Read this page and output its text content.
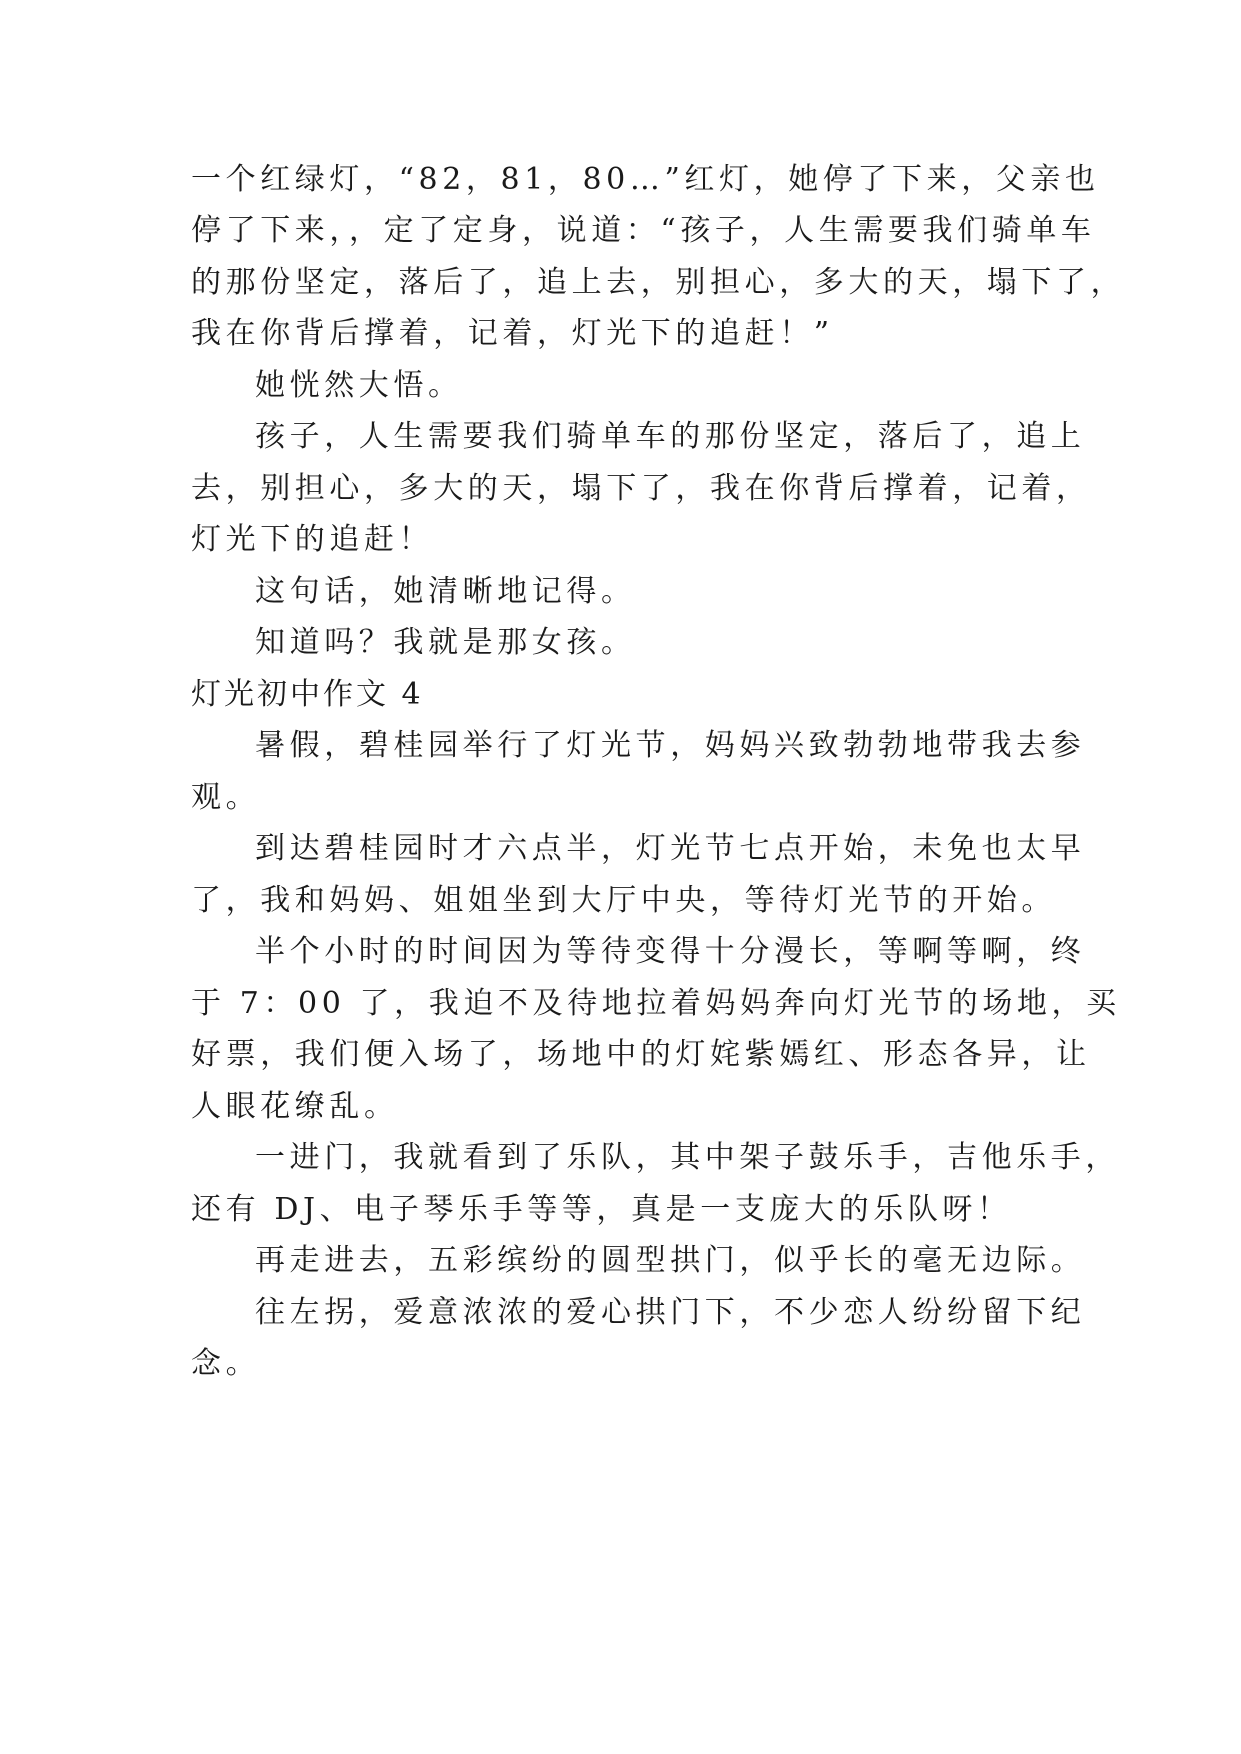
一个红绿灯，“82，81，80…”红灯，她停了下来，父亲也
停了下来，，定了定身，说道：“孩子，人生需要我们骑单车
的那份坚定，落后了，追上去，别担心，多大的天，塌下了，
我在你背后撑着，记着，灯光下的追赶！”
她恍然大悟。
孩子，人生需要我们骑单车的那份坚定，落后了，追上
去，别担心，多大的天，塌下了，我在你背后撑着，记着，
灯光下的追赶！
这句话，她清晰地记得。
知道吗？我就是那女孩。
灯光初中作文 4
暑假，碧桂园举行了灯光节，妈妈兴致勃勃地带我去参
观。
到达碧桂园时才六点半，灯光节七点开始，未免也太早
了，我和妈妈、姐姐坐到大厅中央，等待灯光节的开始。
半个小时的时间因为等待变得十分漫长，等啊等啊，终
于 7：00 了，我迫不及待地拉着妈妈奔向灯光节的场地，买
好票，我们便入场了，场地中的灯姹紫嫣红、形态各异，让
人眼花缭乱。
一进门，我就看到了乐队，其中架子鼓乐手，吉他乐手，
还有 DJ、电子琴乐手等等，真是一支庞大的乐队呀！
再走进去，五彩缤纷的圆型拱门，似乎长的毫无边际。
往左拐，爱意浓浓的爱心拱门下，不少恋人纷纷留下纪
念。
